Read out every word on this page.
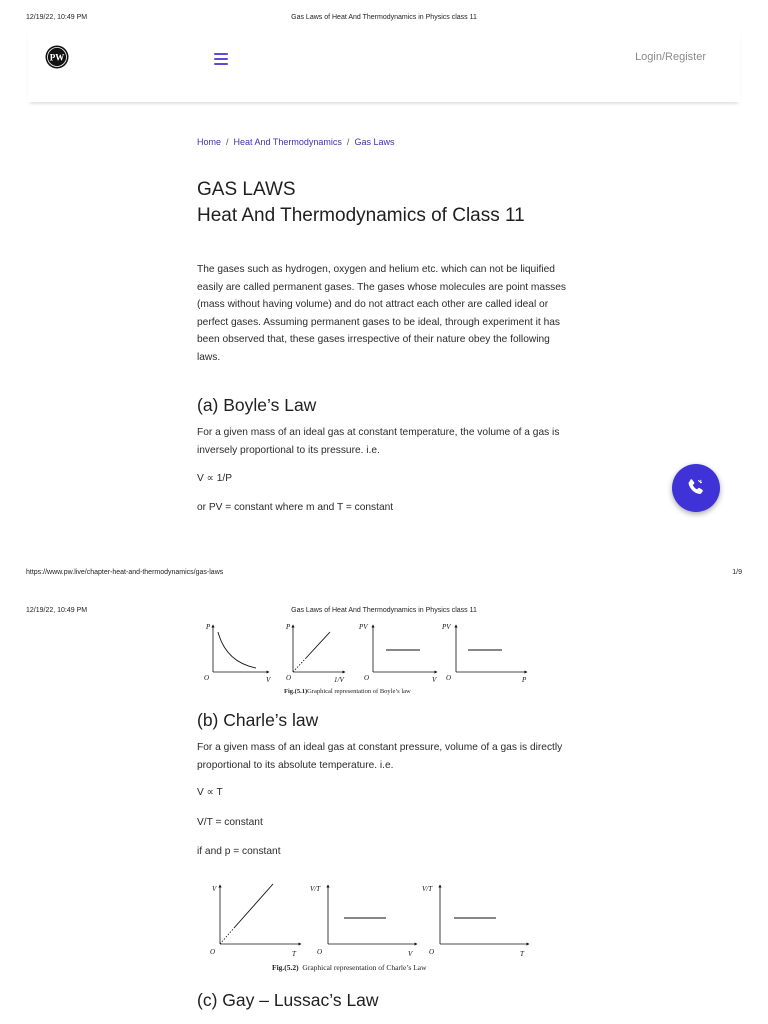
12/19/22, 10:49 PM	Gas Laws of Heat And Thermodynamics in Physics class 11
PW	Login/Register
Home / Heat And Thermodynamics / Gas Laws
GAS LAWS
Heat And Thermodynamics of Class 11
The gases such as hydrogen, oxygen and helium etc. which can not be liquified easily are called permanent gases. The gases whose molecules are point masses (mass without having volume) and do not attract each other are called ideal or perfect gases. Assuming permanent gases to be ideal, through experiment it has been observed that, these gases irrespective of their nature obey the following laws.
(a) Boyle’s Law
For a given mass of an ideal gas at constant temperature, the volume of a gas is inversely proportional to its pressure. i.e.
V ∝ 1/P
or PV = constant where m and T = constant
https://www.pw.live/chapter-heat-and-thermodynamics/gas-laws	1/9
12/19/22, 10:49 PM	Gas Laws of Heat And Thermodynamics in Physics class 11
P
V
O
P
1/V
O
PV
V
O
PV
P
O
Fig.(5.1)Graphical representation of Boyle’s law
(b) Charle’s law
For a given mass of an ideal gas at constant pressure, volume of a gas is directly proportional to its absolute temperature. i.e.
V ∝ T
V/T = constant
if and p = constant
V
T
O
V/T
V
O
V/T
T
O
Fig.(5.2) Graphical representation of Charle’s Law
(c) Gay – Lussac’s Law
